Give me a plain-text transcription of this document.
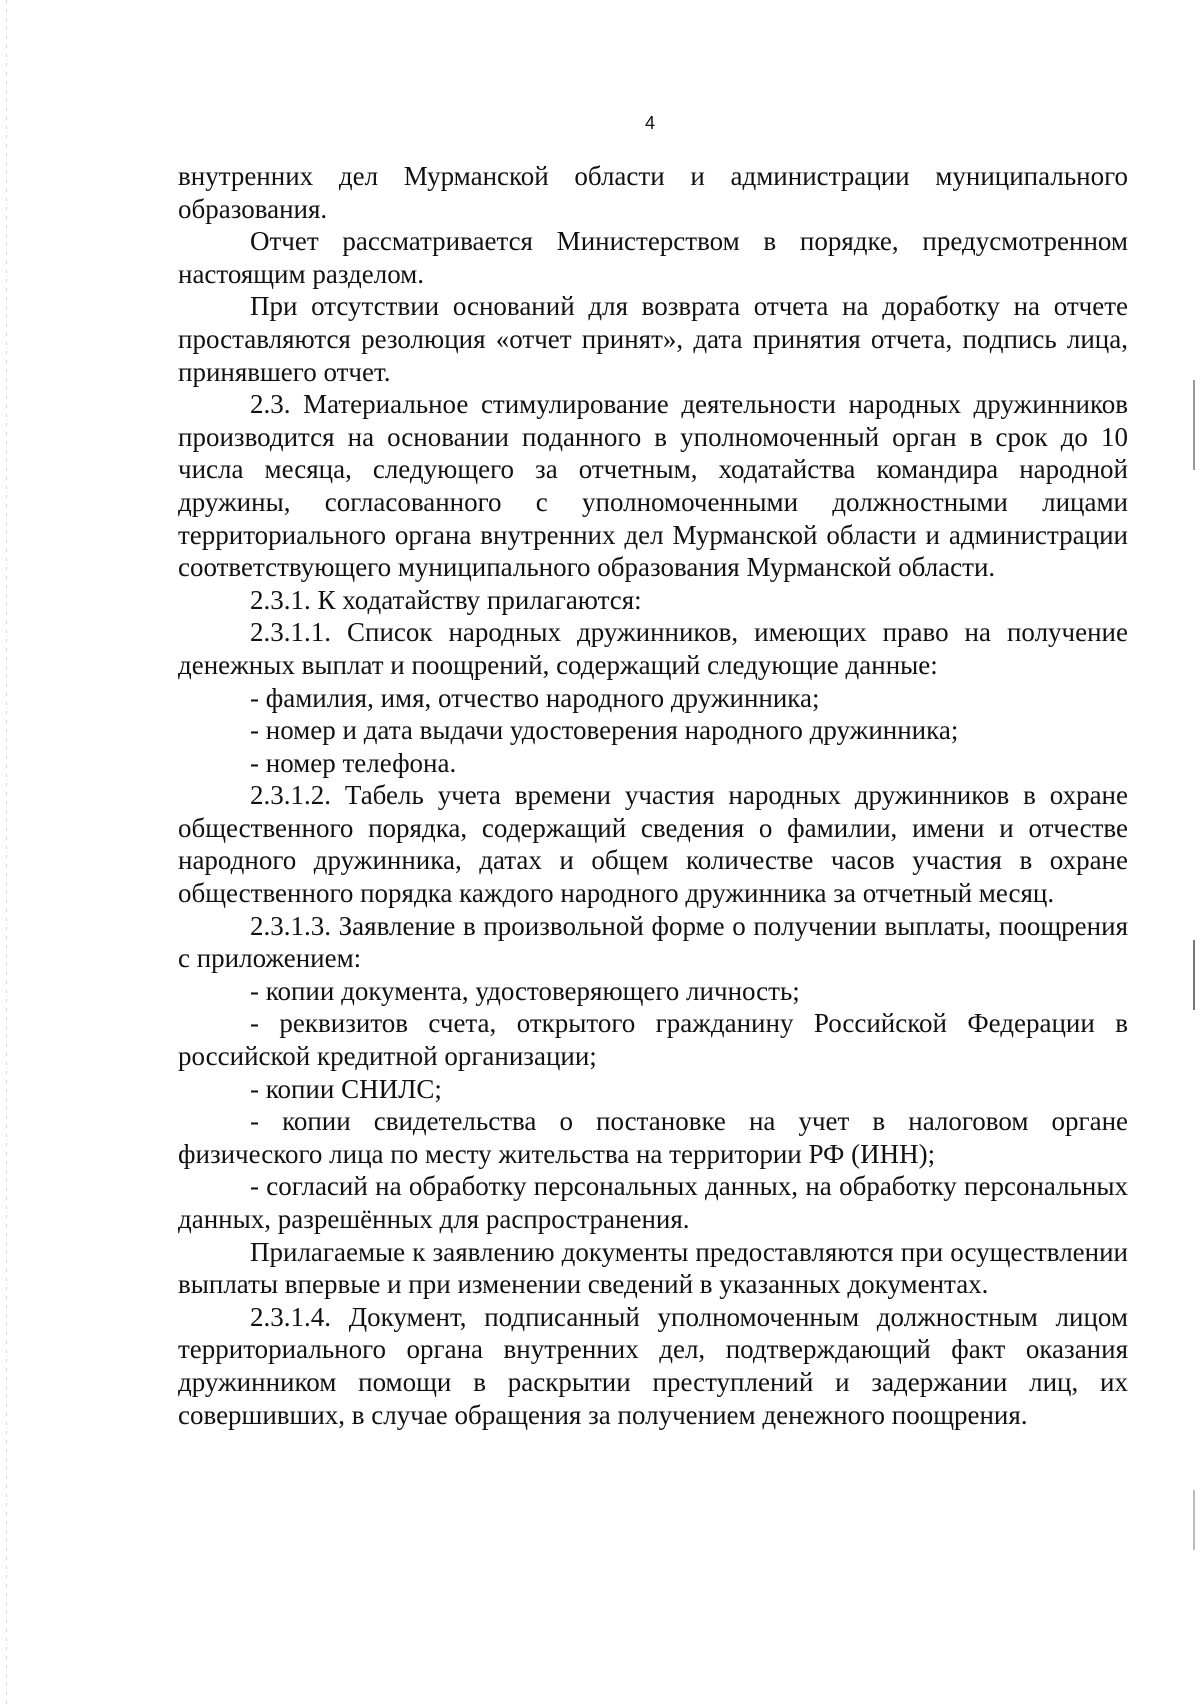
4

внутренних дел Мурманской области и администрации муниципального образования.

Отчет рассматривается Министерством в порядке, предусмотренном настоящим разделом.

При отсутствии оснований для возврата отчета на доработку на отчете проставляются резолюция «отчет принят», дата принятия отчета, подпись лица, принявшего отчет.

2.3. Материальное стимулирование деятельности народных дружинников производится на основании поданного в уполномоченный орган в срок до 10 числа месяца, следующего за отчетным, ходатайства командира народной дружины, согласованного с уполномоченными должностными лицами территориального органа внутренних дел Мурманской области и администрации соответствующего муниципального образования Мурманской области.

2.3.1. К ходатайству прилагаются:

2.3.1.1. Список народных дружинников, имеющих право на получение денежных выплат и поощрений, содержащий следующие данные:

- фамилия, имя, отчество народного дружинника;

- номер и дата выдачи удостоверения народного дружинника;

- номер телефона.

2.3.1.2. Табель учета времени участия народных дружинников в охране общественного порядка, содержащий сведения о фамилии, имени и отчестве народного дружинника, датах и общем количестве часов участия в охране общественного порядка каждого народного дружинника за отчетный месяц.

2.3.1.3. Заявление в произвольной форме о получении выплаты, поощрения с приложением:

- копии документа, удостоверяющего личность;

- реквизитов счета, открытого гражданину Российской Федерации в российской кредитной организации;

- копии СНИЛС;

- копии свидетельства о постановке на учет в налоговом органе физического лица по месту жительства на территории РФ (ИНН);

- согласий на обработку персональных данных, на обработку персональных данных, разрешённых для распространения.

Прилагаемые к заявлению документы предоставляются при осуществлении выплаты впервые и при изменении сведений в указанных документах.

2.3.1.4. Документ, подписанный уполномоченным должностным лицом территориального органа внутренних дел, подтверждающий факт оказания дружинником помощи в раскрытии преступлений и задержании лиц, их совершивших, в случае обращения за получением денежного поощрения.
